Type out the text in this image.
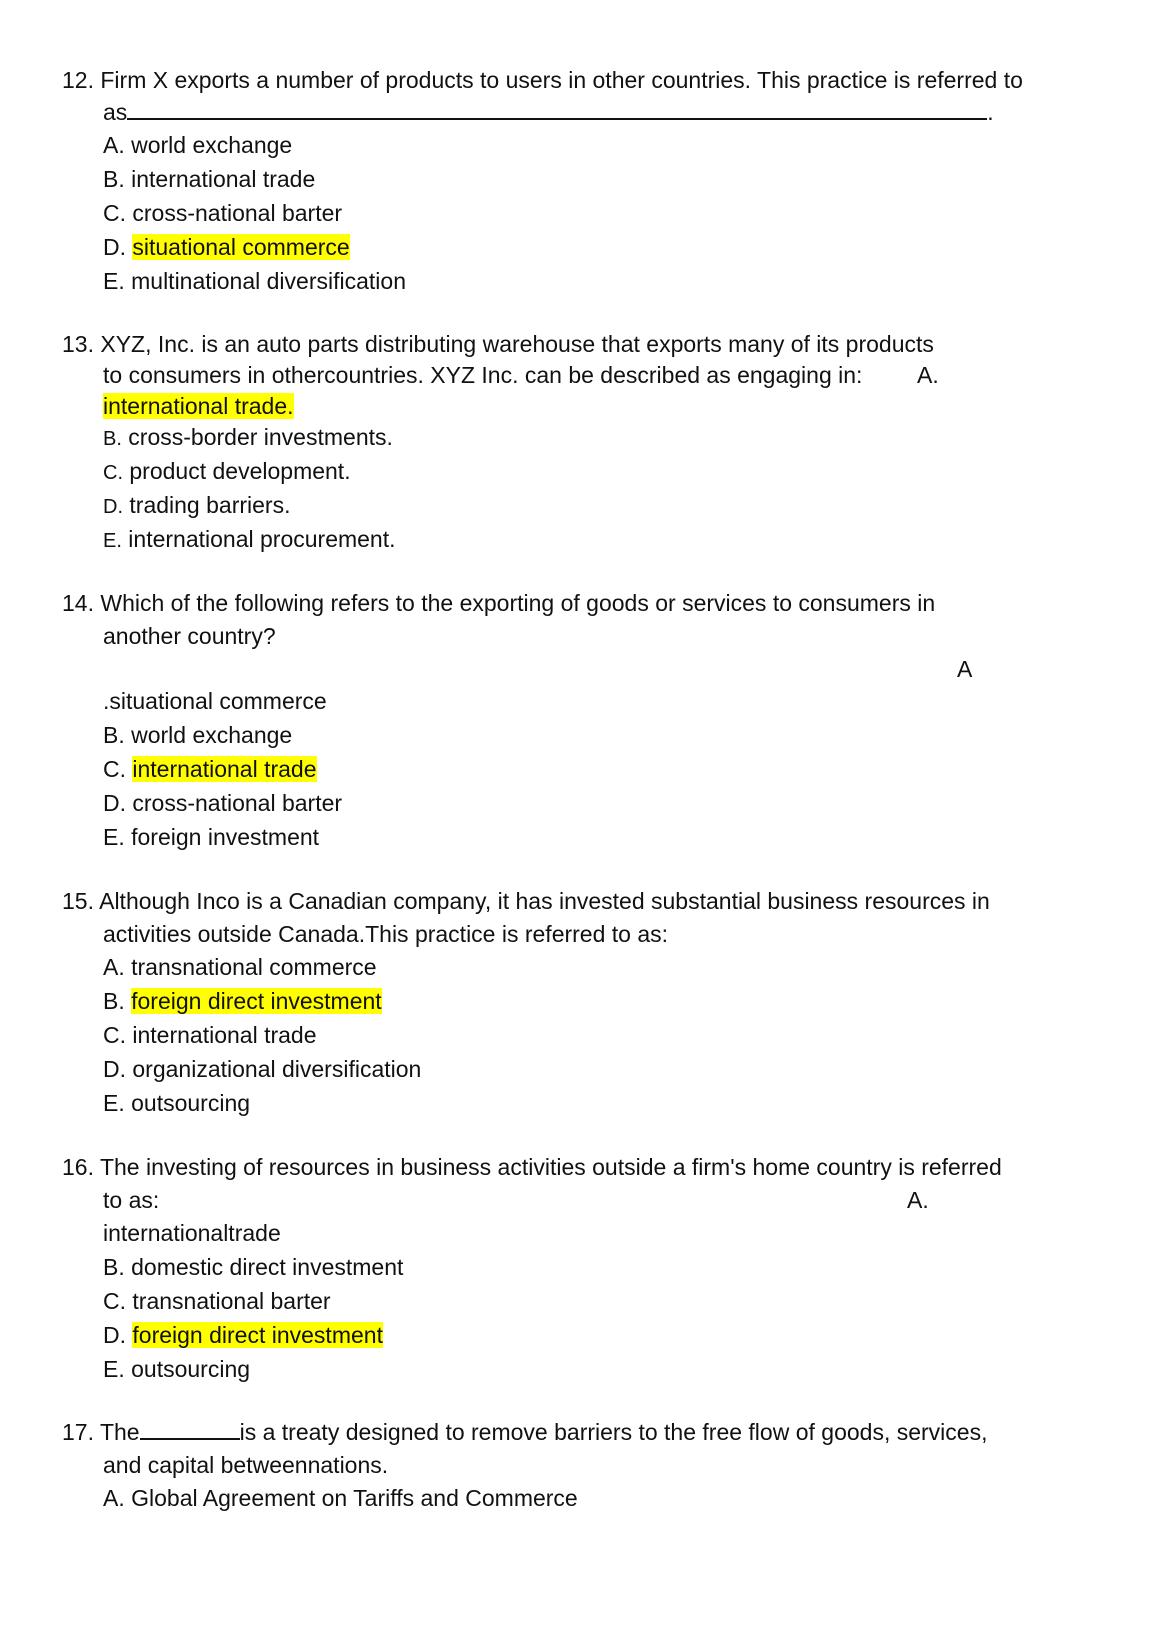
12. Firm X exports a number of products to users in other countries. This practice is referred to
as	.
A. world exchange
B. international trade
C. cross-national barter
D. situational commerce
E. multinational diversification
13. XYZ, Inc. is an auto parts distributing warehouse that exports many of its products
to consumers in othercountries. XYZ Inc. can be described as engaging in: A.
international trade.
B. cross-border investments.
C. product development.
D. trading barriers.
E. international procurement.
14. Which of the following refers to the exporting of goods or services to consumers in
another country?
A
.situational commerce
B. world exchange
C. international trade
D. cross-national barter
E. foreign investment
15. Although Inco is a Canadian company, it has invested substantial business resources in
activities outside Canada.This practice is referred to as:
A. transnational commerce
B. foreign direct investment
C. international trade
D. organizational diversification
E. outsourcing
16. The investing of resources in business activities outside a firm's home country is referred
to as:	A.
internationaltrade
B. domestic direct investment
C. transnational barter
D. foreign direct investment
E. outsourcing
17. The	is a treaty designed to remove barriers to the free flow of goods, services,
and capital betweennations.
A. Global Agreement on Tariffs and Commerce
